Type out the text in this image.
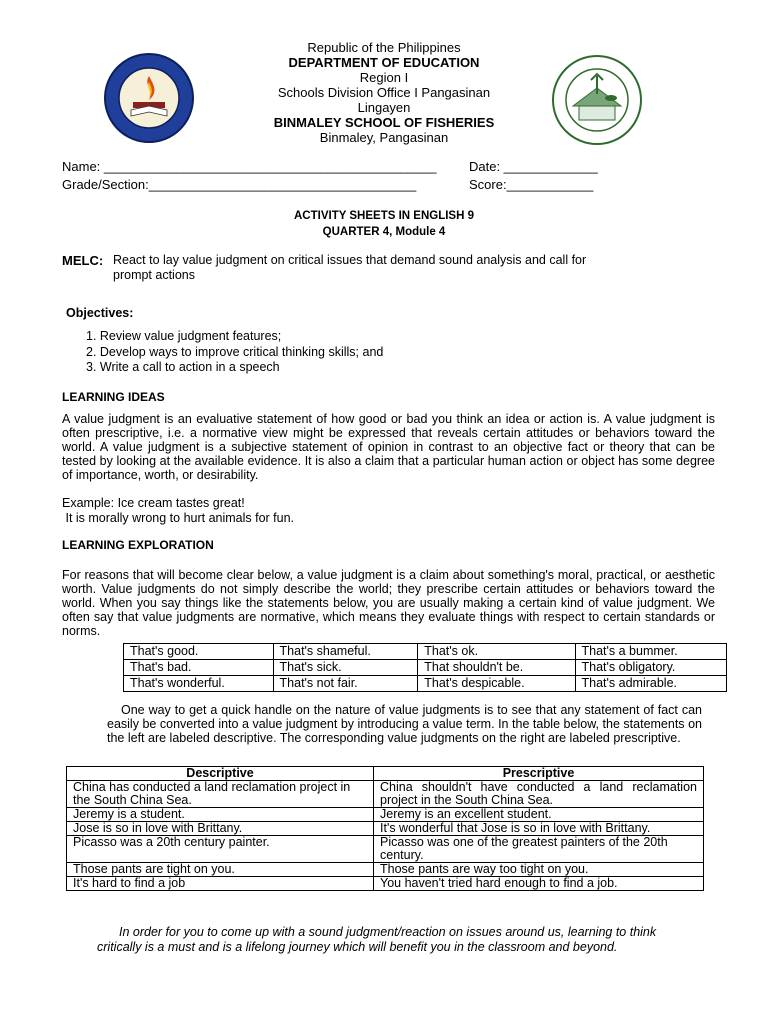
Republic of the Philippines
DEPARTMENT OF EDUCATION
Region I
Schools Division Office I Pangasinan
Lingayen
BINMALEY SCHOOL OF FISHERIES
Binmaley, Pangasinan
Name: ______________________________________________	Date: _____________
Grade/Section:_____________________________________	Score:____________
ACTIVITY SHEETS IN ENGLISH 9
QUARTER 4, Module 4
MELC: React to lay value judgment on critical issues that demand sound analysis and call for
prompt actions
Objectives:
1. Review value judgment features;
2. Develop ways to improve critical thinking skills; and
3. Write a call to action in a speech
LEARNING IDEAS
A value judgment is an evaluative statement of how good or bad you think an idea or action is. A value judgment is often prescriptive, i.e. a normative view might be expressed that reveals certain attitudes or behaviors toward the world. A value judgment is a subjective statement of opinion in contrast to an objective fact or theory that can be tested by looking at the available evidence. It is also a claim that a particular human action or object has some degree of importance, worth, or desirability.
Example: Ice cream tastes great!
It is morally wrong to hurt animals for fun.
LEARNING EXPLORATION
For reasons that will become clear below, a value judgment is a claim about something's moral, practical, or aesthetic worth. Value judgments do not simply describe the world; they prescribe certain attitudes or behaviors toward the world. When you say things like the statements below, you are usually making a certain kind of value judgment. We often say that value judgments are normative, which means they evaluate things with respect to certain standards or norms.
That's good.	That's shameful.	That's ok.	That's a bummer.
That's bad.	That's sick.	That shouldn't be.	That's obligatory.
That's wonderful.	That's not fair.	That's despicable.	That's admirable.
One way to get a quick handle on the nature of value judgments is to see that any statement of fact can easily be converted into a value judgment by introducing a value term. In the table below, the statements on the left are labeled descriptive. The corresponding value judgments on the right are labeled prescriptive.
Descriptive	Prescriptive
China has conducted a land reclamation project in the South China Sea.	China shouldn't have conducted a land reclamation project in the South China Sea.
Jeremy is a student.	Jeremy is an excellent student.
Jose is so in love with Brittany.	It's wonderful that Jose is so in love with Brittany.
Picasso was a 20th century painter.	Picasso was one of the greatest painters of the 20th century.
Those pants are tight on you.	Those pants are way too tight on you.
It's hard to find a job	You haven't tried hard enough to find a job.
In order for you to come up with a sound judgment/reaction on issues around us, learning to think critically is a must and is a lifelong journey which will benefit you in the classroom and beyond.
